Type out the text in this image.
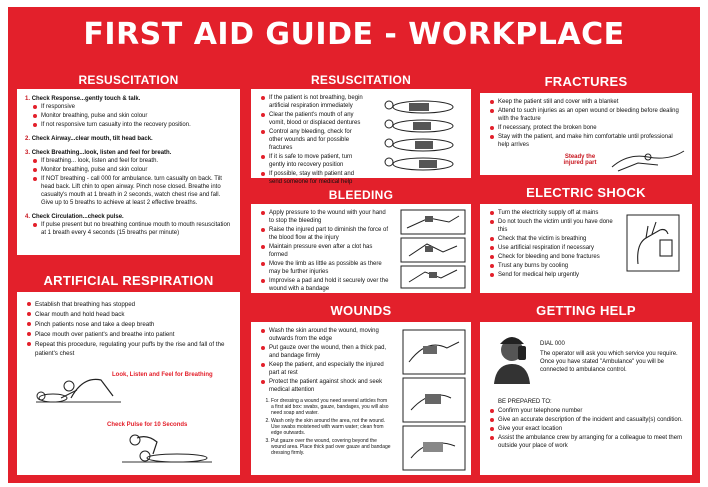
FIRST AID GUIDE - WORKPLACE
RESUSCITATION
1. Check Response...gently touch & talk.
If responsive
Monitor breathing, pulse and skin colour
If not responsive turn casualty into the recovery position.
2. Check Airway...clear mouth, tilt head back.
3. Check Breathing...look, listen and feel for breath.
If breathing... look, listen and feel for breath.
Monitor breathing, pulse and skin colour
If NOT breathing - call 000 for ambulance. turn casualty on back. Tilt head back. Lift chin to open airway. Pinch nose closed. Breathe into casualty's mouth at 1 breath in 2 seconds, watch chest rise and fall. Give up to 5 breaths to achieve at least 2 effective breaths.
4. Check Circulation...check pulse.
If pulse present but no breathing continue mouth to mouth resuscitation at 1 breath every 4 seconds (15 breaths per minute)
ARTIFICIAL RESPIRATION
Establish that breathing has stopped
Clear mouth and hold head back
Pinch patients nose and take a deep breath
Place mouth over patient's and breathe into patient
Repeat this procedure, regulating your puffs by the rise and fall of the patient's chest
Look, Listen and Feel for Breathing
Check Pulse for 10 Seconds
RESUSCITATION
If the patient is not breathing, begin artificial respiration immediately
Clear the patient's mouth of any vomit, blood or displaced dentures
Control any bleeding, check for other wounds and for possible fractures
If it is safe to move patient, turn gently into recovery position
If possible, stay with patient and send someone for medical help
BLEEDING
Apply pressure to the wound with your hand to stop the bleeding
Raise the injured part to diminish the force of the blood flow at the injury
Maintain pressure even after a clot has formed
Move the limb as little as possible as there may be further injuries
Improvise a pad and hold it securely over the wound with a bandage
WOUNDS
Wash the skin around the wound, moving outwards from the edge
Put gauze over the wound, then a thick pad, and bandage firmly
Keep the patient, and especially the injured part at rest
Protect the patient against shock and seek medical attention
1. For dressing a wound you need several articles from a first aid box: swabs, gauze, bandages, you will also need soap and water.
2. Wash only the skin around the area, not the wound. Use swabs moistened with warm water; clean from edge outwards.
3. Put gauze over the wound, covering beyond the wound area. Place thick pad over gauze and bandage dressing firmly.
FRACTURES
Keep the patient still and cover with a blanket
Attend to such injuries as an open wound or bleeding before dealing with the fracture
If necessary, protect the broken bone
Stay with the patient, and make him comfortable until professional help arrives
Steady the injured part
ELECTRIC SHOCK
Turn the electricity supply off at mains
Do not touch the victim until you have done this
Check that the victim is breathing
Use artificial respiration if necessary
Check for bleeding and bone fractures
Trust any burns by cooling
Send for medical help urgently
GETTING HELP
DIAL 000
The operator will ask you which service you require. Once you have stated "Ambulance" you will be connected to ambulance control.
BE PREPARED TO:
Confirm your telephone number
Give an accurate description of the incident and casualty(s) condition.
Give your exact location
Assist the ambulance crew by arranging for a colleague to meet them outside your place of work
